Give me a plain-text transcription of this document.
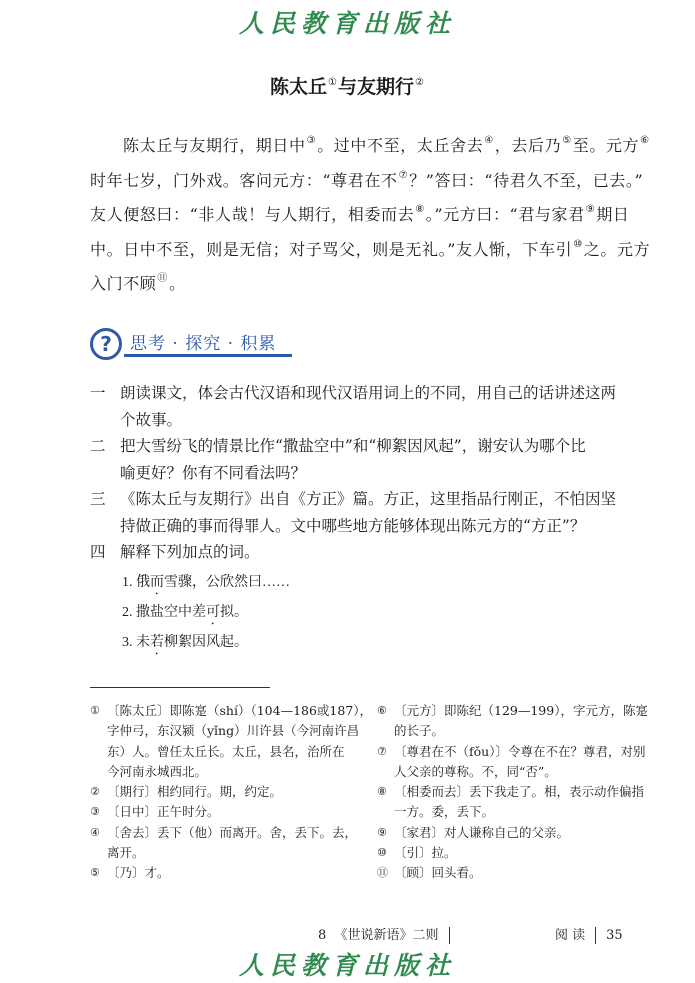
人民教育出版社
陈太丘①与友期行②
陈太丘与友期行，期日中③。过中不至，太丘舍去④，去后乃⑤至。元方⑥
时年七岁，门外戏。客问元方：“尊君在不⑦？”答曰：“待君久不至，已去。”
友人便怒曰：“非人哉！与人期行，相委而去⑧。”元方曰：“君与家君⑨期日
中。日中不至，则是无信；对子骂父，则是无礼。”友人惭，下车引⑩之。元方
入门不顾⑪。
?	思考 · 探究 · 积累
一 朗读课文，体会古代汉语和现代汉语用词上的不同，用自己的话讲述这两
个故事。
二 把大雪纷飞的情景比作“撒盐空中”和“柳絮因风起”，谢安认为哪个比
喻更好？你有不同看法吗？
三 《陈太丘与友期行》出自《方正》篇。方正，这里指品行刚正，不怕因坚
持做正确的事而得罪人。文中哪些地方能够体现出陈元方的“方正”？
四 解释下列加点的词。
1. 俄而雪骤，公欣然曰……
2. 撒盐空中差可拟。
3. 未若柳絮因风起。
① 〔陈太丘〕即陈寔（shí）（104—186或187），
字仲弓，东汉颍（yǐng）川许县（今河南许昌
东）人。曾任太丘长。太丘，县名，治所在
今河南永城西北。
② 〔期行〕相约同行。期，约定。
③ 〔日中〕正午时分。
④ 〔舍去〕丢下（他）而离开。舍，丢下。去，
离开。
⑤ 〔乃〕才。
⑥ 〔元方〕即陈纪（129—199），字元方，陈寔
的长子。
⑦ 〔尊君在不（fǒu）〕令尊在不在？尊君，对别
人父亲的尊称。不，同“否”。
⑧ 〔相委而去〕丢下我走了。相，表示动作偏指
一方。委，丢下。
⑨ 〔家君〕对人谦称自己的父亲。
⑩ 〔引〕拉。
⑪ 〔顾〕回头看。
8 《世说新语》二则	阅 读 35
人民教育出版社
